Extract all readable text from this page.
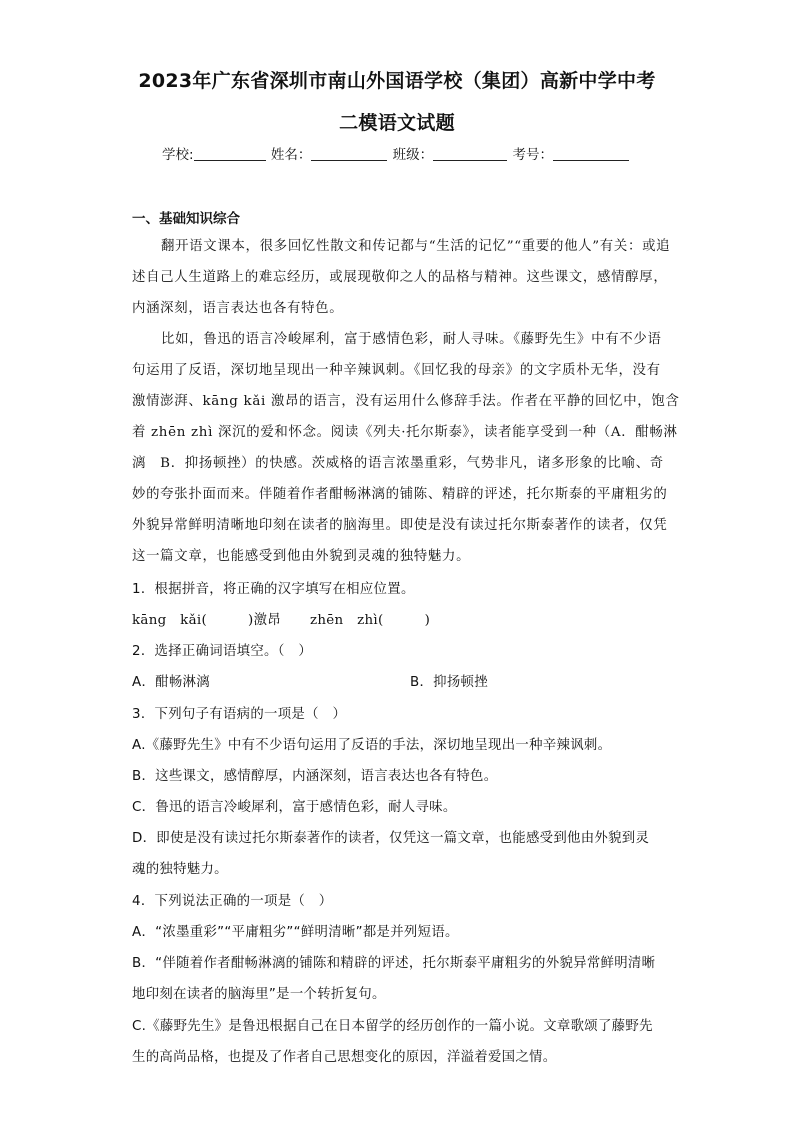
2023年广东省深圳市南山外国语学校（集团）高新中学中考
二模语文试题
学校:	姓名：	班级：	考号：
一、基础知识综合
翻开语文课本，很多回忆性散文和传记都与“生活的记忆”“重要的他人”有关：或追
述自己人生道路上的难忘经历，或展现敬仰之人的品格与精神。这些课文，感情醇厚，
内涵深刻，语言表达也各有特色。
比如，鲁迅的语言冷峻犀利，富于感情色彩，耐人寻味。《藤野先生》中有不少语
句运用了反语，深切地呈现出一种辛辣讽刺。《回忆我的母亲》的文字质朴无华，没有
激情澎湃、kāng kǎi 激昂的语言，没有运用什么修辞手法。作者在平静的回忆中，饱含
着 zhēn zhì 深沉的爱和怀念。阅读《列夫·托尔斯泰》，读者能享受到一种（A．酣畅淋
漓　B．抑扬顿挫）的快感。茨威格的语言浓墨重彩，气势非凡，诸多形象的比喻、奇
妙的夸张扑面而来。伴随着作者酣畅淋漓的铺陈、精辟的评述，托尔斯泰的平庸粗劣的
外貌异常鲜明清晰地印刻在读者的脑海里。即使是没有读过托尔斯泰著作的读者，仅凭
这一篇文章，也能感受到他由外貌到灵魂的独特魅力。
1．根据拼音，将正确的汉字填写在相应位置。
kāng　kǎi(　　　)激昂 zhēn　zhì(　　　)
2．选择正确词语填空。（　）
A．酣畅淋漓	B．抑扬顿挫
3．下列句子有语病的一项是（　）
A.《藤野先生》中有不少语句运用了反语的手法，深切地呈现出一种辛辣讽刺。
B．这些课文，感情醇厚，内涵深刻，语言表达也各有特色。
C．鲁迅的语言冷峻犀利，富于感情色彩，耐人寻味。
D．即使是没有读过托尔斯泰著作的读者，仅凭这一篇文章，也能感受到他由外貌到灵
魂的独特魅力。
4．下列说法正确的一项是（　）
A．“浓墨重彩”“平庸粗劣”“鲜明清晰”都是并列短语。
B．“伴随着作者酣畅淋漓的铺陈和精辟的评述，托尔斯泰平庸粗劣的外貌异常鲜明清晰
地印刻在读者的脑海里”是一个转折复句。
C.《藤野先生》是鲁迅根据自己在日本留学的经历创作的一篇小说。文章歌颂了藤野先
生的高尚品格，也提及了作者自己思想变化的原因，洋溢着爱国之情。
